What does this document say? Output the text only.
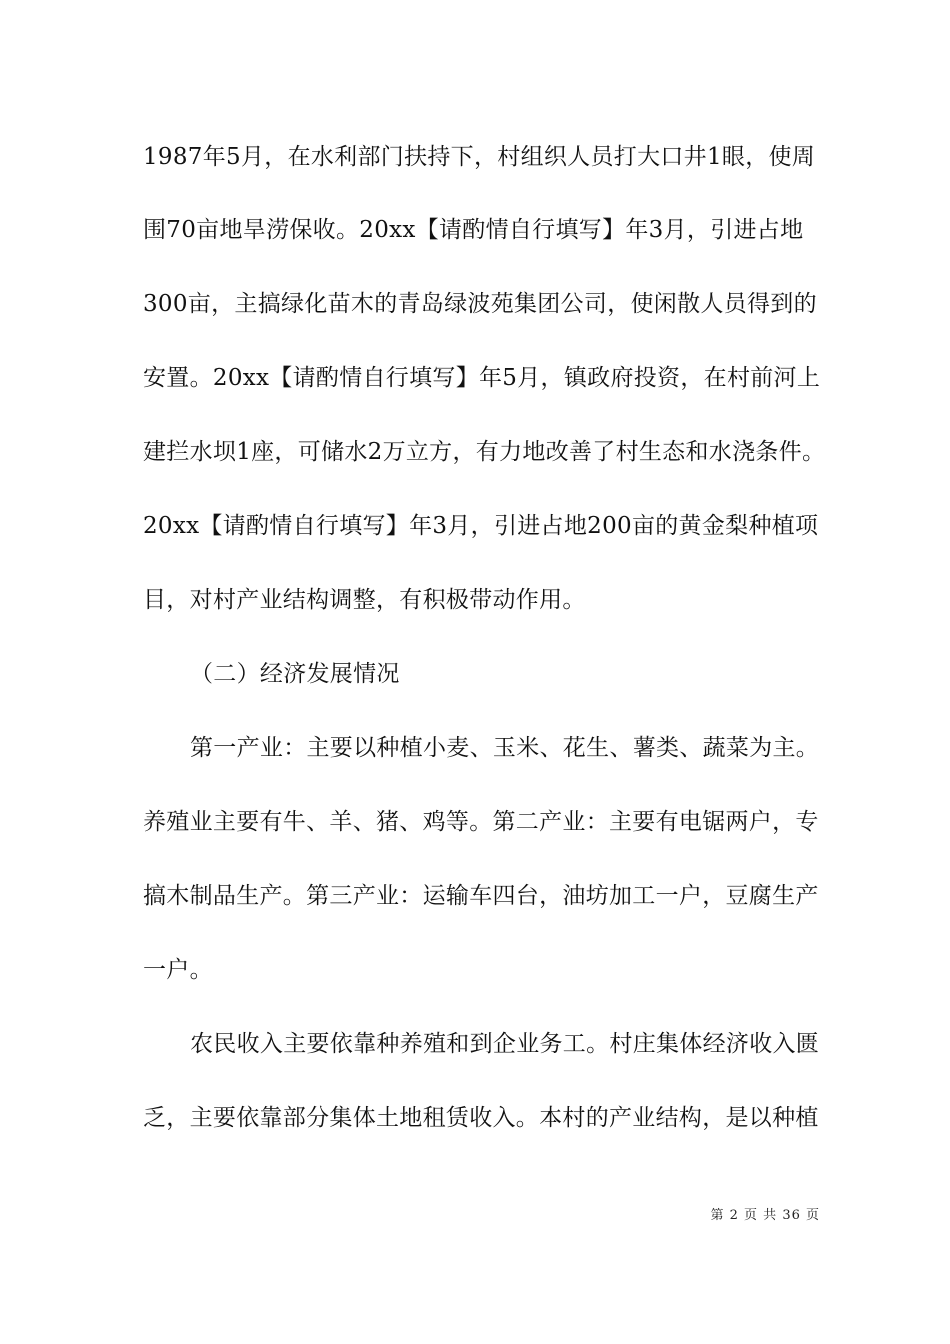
1987年5月，在水利部门扶持下，村组织人员打大口井1眼，使周
围70亩地旱涝保收。20xx【请酌情自行填写】年3月，引进占地
300亩，主搞绿化苗木的青岛绿波苑集团公司，使闲散人员得到的
安置。20xx【请酌情自行填写】年5月，镇政府投资，在村前河上
建拦水坝1座，可储水2万立方，有力地改善了村生态和水浇条件。
20xx【请酌情自行填写】年3月，引进占地200亩的黄金梨种植项
目，对村产业结构调整，有积极带动作用。
（二）经济发展情况
第一产业：主要以种植小麦、玉米、花生、薯类、蔬菜为主。
养殖业主要有牛、羊、猪、鸡等。第二产业：主要有电锯两户，专
搞木制品生产。第三产业：运输车四台，油坊加工一户，豆腐生产
一户。
农民收入主要依靠种养殖和到企业务工。村庄集体经济收入匮
乏，主要依靠部分集体土地租赁收入。本村的产业结构，是以种植
第 2 页 共 36 页
